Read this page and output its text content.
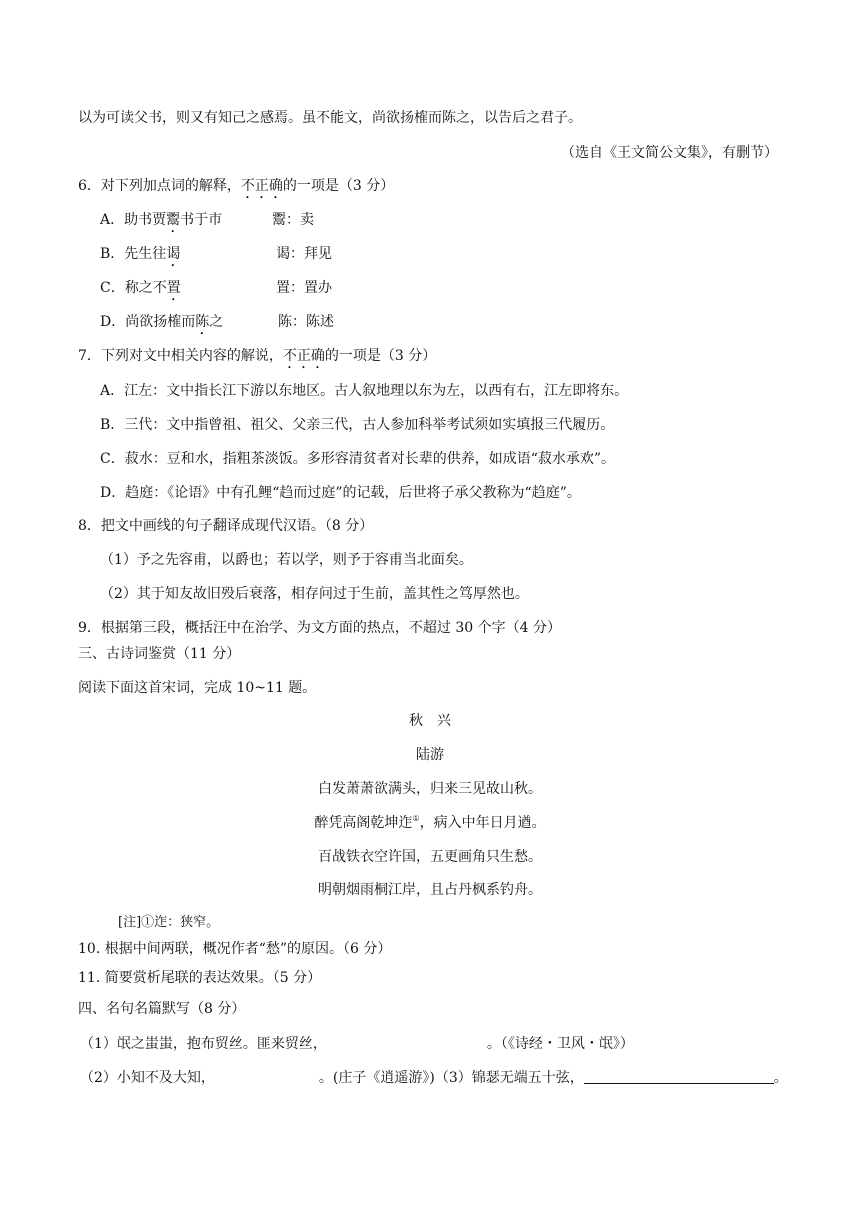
以为可读父书，则又有知己之感焉。虽不能文，尚欲扬榷而陈之，以告后之君子。
（选自《王文简公文集》，有删节）
6．对下列加点词的解释，不正确的一项是（3 分）
A．助书贾鬻书于市	鬻：卖
B．先生往谒	谒：拜见
C．称之不置	置：置办
D．尚欲扬榷而陈之	陈：陈述
7．下列对文中相关内容的解说，不正确的一项是（3 分）
A．江左：文中指长江下游以东地区。古人叙地理以东为左，以西有右，江左即将东。
B．三代：文中指曾祖、祖父、父亲三代，古人参加科举考试须如实填报三代履历。
C．菽水：豆和水，指粗茶淡饭。多形容清贫者对长辈的供养，如成语“菽水承欢”。
D．趋庭：《论语》中有孔鲤“趋而过庭”的记载，后世将子承父教称为“趋庭”。
8．把文中画线的句子翻译成现代汉语。（8 分）
（1）予之先容甫，以爵也；若以学，则予于容甫当北面矣。
（2）其于知友故旧殁后衰落，相存问过于生前，盖其性之笃厚然也。
9．根据第三段，概括汪中在治学、为文方面的热点，不超过 30 个字（4 分）
三、古诗词鉴赏（11 分）
阅读下面这首宋词，完成 10~11 题。
秋　兴
陆游
白发萧萧欲满头，归来三见故山秋。
醉凭高阁乾坤迮①，病入中年日月遒。
百战铁衣空许国，五更画角只生愁。
明朝烟雨桐江岸，且占丹枫系钓舟。
[注]①迮：狭窄。
10. 根据中间两联，概况作者“愁”的原因。（6 分）
11. 简要赏析尾联的表达效果。（5 分）
四、名句名篇默写（8 分）
（1）氓之蚩蚩，抱布贸丝。匪来贸丝，	。（《诗经・卫风・氓》）
（2）小知不及大知，	。(庄子《逍遥游》)（3）锦瑟无端五十弦，	。
